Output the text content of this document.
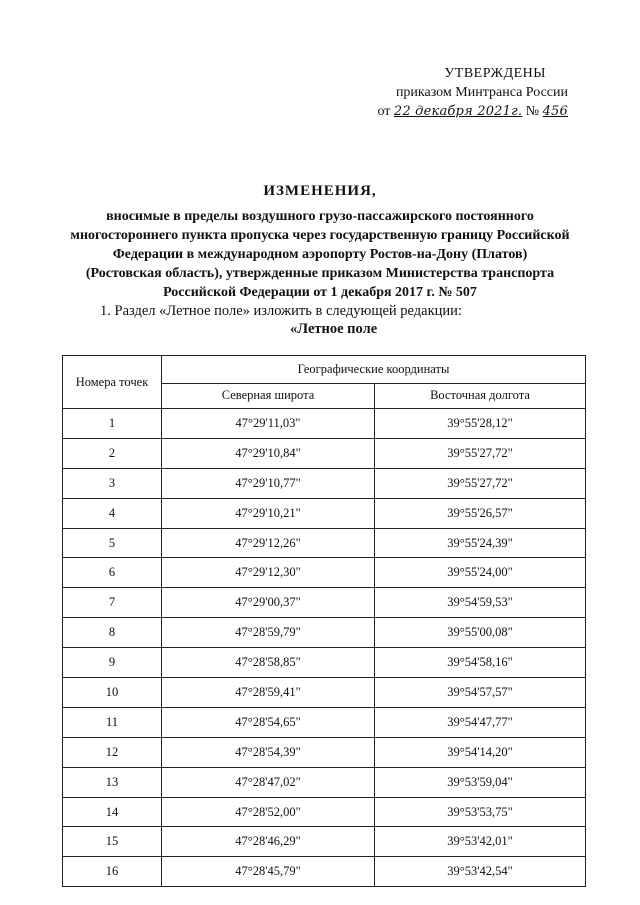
УТВЕРЖДЕНЫ
приказом Минтранса России
от 22 декабря 2021г. № 456
ИЗМЕНЕНИЯ,
вносимые в пределы воздушного грузо-пассажирского постоянного
многостороннего пункта пропуска через государственную границу Российской
Федерации в международном аэропорту Ростов-на-Дону (Платов)
(Ростовская область), утвержденные приказом Министерства транспорта
Российской Федерации от 1 декабря 2017 г. № 507
1. Раздел «Летное поле» изложить в следующей редакции:
«Летное поле
Номера точек	Географические координаты	
	Северная широта	Восточная долгота
1	47°29'11,03"	39°55'28,12"
2	47°29'10,84"	39°55'27,72"
3	47°29'10,77"	39°55'27,72"
4	47°29'10,21"	39°55'26,57"
5	47°29'12,26"	39°55'24,39"
6	47°29'12,30"	39°55'24,00"
7	47°29'00,37"	39°54'59,53"
8	47°28'59,79"	39°55'00,08"
9	47°28'58,85"	39°54'58,16"
10	47°28'59,41"	39°54'57,57"
11	47°28'54,65"	39°54'47,77"
12	47°28'54,39"	39°54'14,20"
13	47°28'47,02"	39°53'59,04"
14	47°28'52,00"	39°53'53,75"
15	47°28'46,29"	39°53'42,01"
16	47°28'45,79"	39°53'42,54"
